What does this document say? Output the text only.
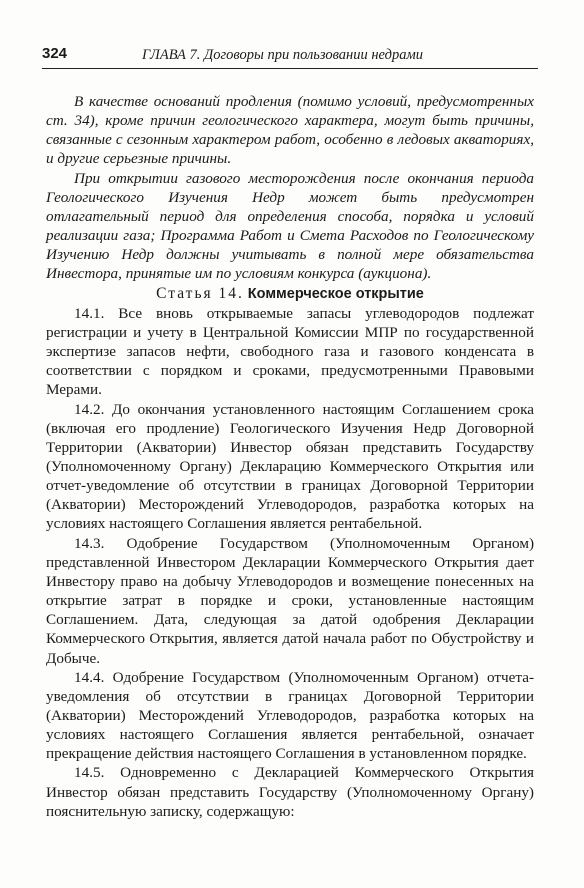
324	ГЛАВА 7. Договоры при пользовании недрами

В качестве оснований продления (помимо условий, предусмотренных ст. 34), кроме причин геологического характера, могут быть причины, связанные с сезонным характером работ, особенно в ледовых акваториях, и другие серьезные причины.

При открытии газового месторождения после окончания периода Геологического Изучения Недр может быть предусмотрен отлагательный период для определения способа, порядка и условий реализации газа; Программа Работ и Смета Расходов по Геологическому Изучению Недр должны учитывать в полной мере обязательства Инвестора, принятые им по условиям конкурса (аукциона).

Статья 14. Коммерческое открытие

14.1. Все вновь открываемые запасы углеводородов подлежат регистрации и учету в Центральной Комиссии МПР по государственной экспертизе запасов нефти, свободного газа и газового конденсата в соответствии с порядком и сроками, предусмотренными Правовыми Мерами.

14.2. До окончания установленного настоящим Соглашением срока (включая его продление) Геологического Изучения Недр Договорной Территории (Акватории) Инвестор обязан представить Государству (Уполномоченному Органу) Декларацию Коммерческого Открытия или отчет-уведомление об отсутствии в границах Договорной Территории (Акватории) Месторождений Углеводородов, разработка которых на условиях настоящего Соглашения является рентабельной.

14.3. Одобрение Государством (Уполномоченным Органом) представленной Инвестором Декларации Коммерческого Открытия дает Инвестору право на добычу Углеводородов и возмещение понесенных на открытие затрат в порядке и сроки, установленные настоящим Соглашением. Дата, следующая за датой одобрения Декларации Коммерческого Открытия, является датой начала работ по Обустройству и Добыче.

14.4. Одобрение Государством (Уполномоченным Органом) отчета-уведомления об отсутствии в границах Договорной Территории (Акватории) Месторождений Углеводородов, разработка которых на условиях настоящего Соглашения является рентабельной, означает прекращение действия настоящего Соглашения в установленном порядке.

14.5. Одновременно с Декларацией Коммерческого Открытия Инвестор обязан представить Государству (Уполномоченному Органу) пояснительную записку, содержащую:
